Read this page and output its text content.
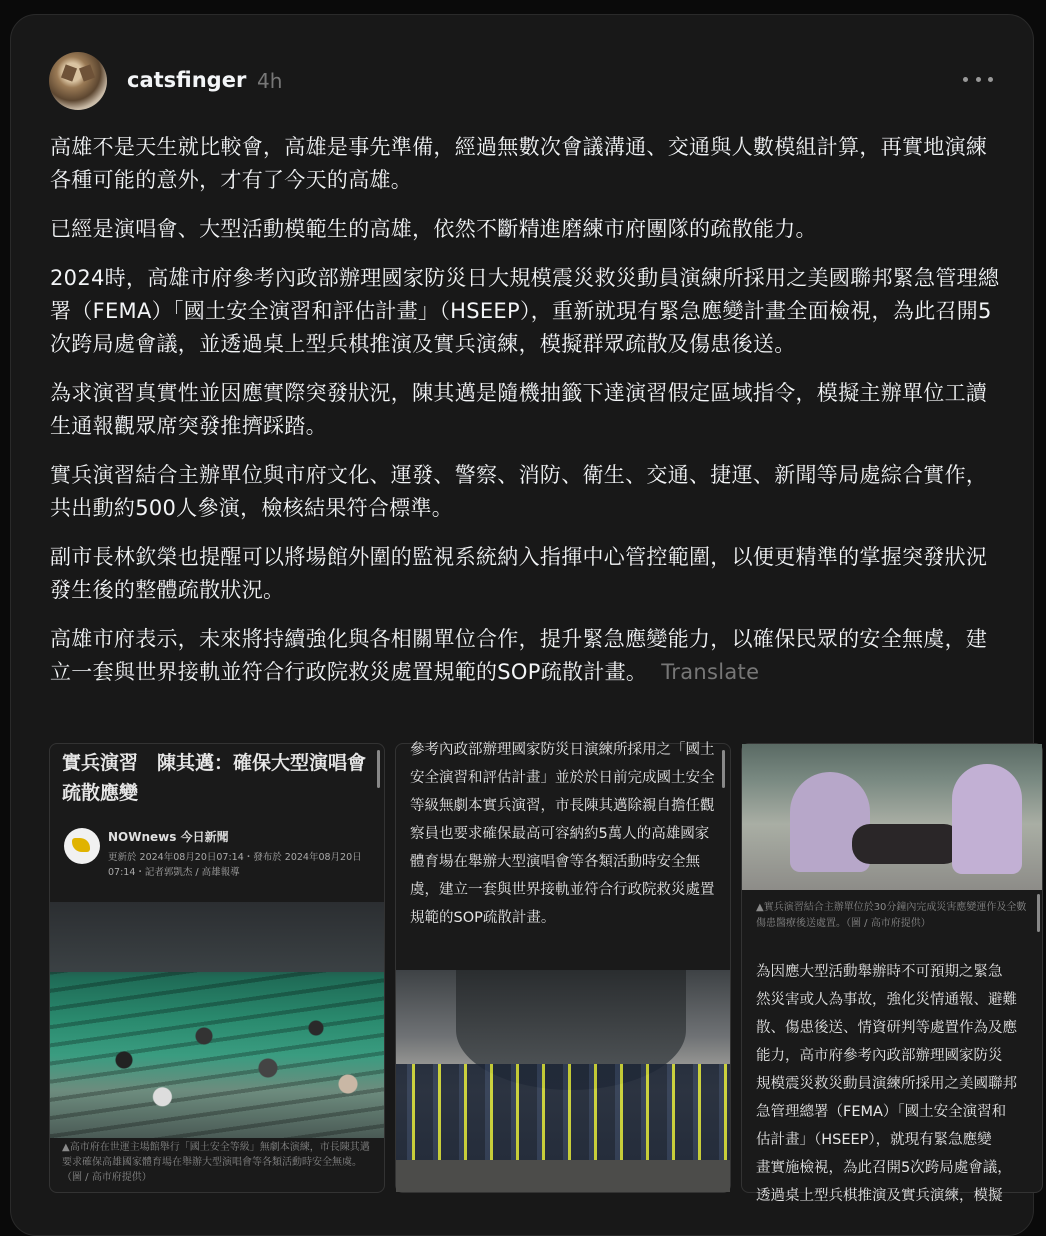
catsfinger 4h

高雄不是天生就比較會，高雄是事先準備，經過無數次會議溝通、交通與人數模組計算，再實地演練各種可能的意外，才有了今天的高雄。

已經是演唱會、大型活動模範生的高雄，依然不斷精進磨練市府團隊的疏散能力。

2024時，高雄市府參考內政部辦理國家防災日大規模震災救災動員演練所採用之美國聯邦緊急管理總署（FEMA）「國土安全演習和評估計畫」（HSEEP），重新就現有緊急應變計畫全面檢視，為此召開5次跨局處會議，並透過桌上型兵棋推演及實兵演練，模擬群眾疏散及傷患後送。

為求演習真實性並因應實際突發狀況，陳其邁是隨機抽籤下達演習假定區域指令，模擬主辦單位工讀生通報觀眾席突發推擠踩踏。

實兵演習結合主辦單位與市府文化、運發、警察、消防、衛生、交通、捷運、新聞等局處綜合實作，共出動約500人參演，檢核結果符合標準。

副市長林欽榮也提醒可以將場館外圍的監視系統納入指揮中心管控範圍，以便更精準的掌握突發狀況發生後的整體疏散狀況。

高雄市府表示，未來將持續強化與各相關單位合作，提升緊急應變能力，以確保民眾的安全無虞，建立一套與世界接軌並符合行政院救災處置規範的SOP疏散計畫。 Translate

實兵演習　陳其邁：確保大型演唱會疏散應變
NOWnews 今日新聞
更新於 2024年08月20日07:14・發布於 2024年08月20日07:14・記者郭凱杰 / 高雄報導
▲高市府在世運主場館舉行「國土安全等級」無劇本演練，市長陳其邁要求確保高雄國家體育場在舉辦大型演唱會等各類活動時安全無虞。（圖 / 高市府提供）
參考內政部辦理國家防災日演練所採用之「國土安全演習和評估計畫」並於於日前完成國土安全等級無劇本實兵演習，市長陳其邁除親自擔任觀察員也要求確保最高可容納約5萬人的高雄國家體育場在舉辦大型演唱會等各類活動時安全無虞，建立一套與世界接軌並符合行政院救災處置規範的SOP疏散計畫。
▲實兵演習結合主辦單位於30分鐘內完成災害應變運作及全數傷患醫療後送處置。（圖 / 高市府提供）
為因應大型活動舉辦時不可預期之緊急
然災害或人為事故，強化災情通報、避難
散、傷患後送、情資研判等處置作為及應
能力，高市府參考內政部辦理國家防災
規模震災救災動員演練所採用之美國聯邦
急管理總署（FEMA）「國土安全演習和
估計畫」（HSEEP），就現有緊急應變
畫實施檢視，為此召開5次跨局處會議，
透過桌上型兵棋推演及實兵演練，模擬
